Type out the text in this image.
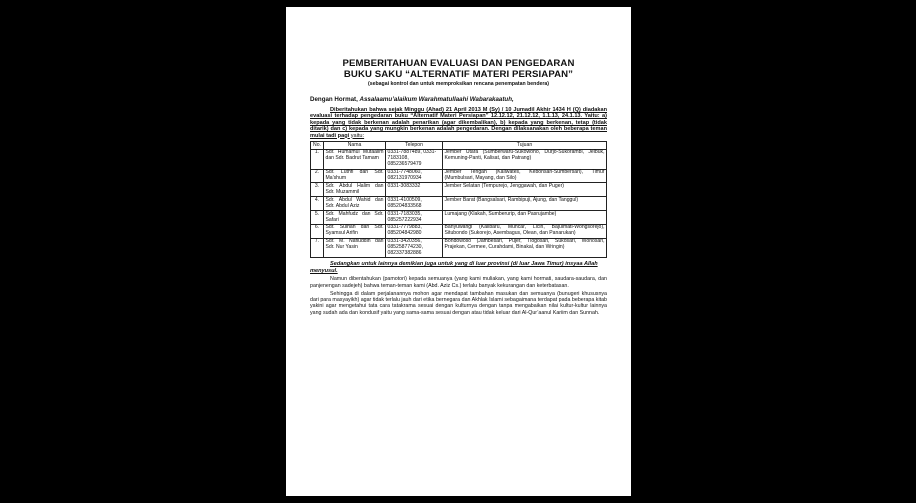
PEMBERITAHUAN EVALUASI DAN PENGEDARAN
BUKU SAKU “ALTERNATIF MATERI PERSIAPAN”
(sebagai kontrol dan untuk memproksikan rencana penempatan bendera)
Dengan Hormat, Assalaamu’alaikum Warahmatullaahi Wabarakaatuh,
Diberitahukan bahwa sejak Minggu (Ahad) 21 April 2013 M (Sy) / 10 Jumadil Akhir 1434 H (Q) diadakan evaluasi terhadap pengedaran buku “Alternatif Materi Persiapan” 12.12.12, 21.12.12, 1.1.13, 24.1.13. Yaitu: a) kepada yang tidak berkenan adalah penarikan (agar dikembalikan), b) kepada yang berkenan, tetap (tidak ditarik) dan c) kepada yang mungkin berkenan adalah pengedaran. Dengan dilaksanakan oleh beberapa teman mulai tadi pagi yaitu:
No.	Nama	Telepon	Tujuan
1.	Sdr. Humamul Mutaalim dan Sdr. Badrut Tamam	0331-7887489, 0331-7183108, 085236579479	Jember Utara (Sumberwaru-Sukowono, Durjo-Sukorambi, Jelbuk, Kemuning-Panti, Kalisat, dan Patrang)
2.	Sdr. Luthfi dan Sdr. Ma’shum	0331-7748060, 082131970934	Jember Tengah (Kaliwates, Kebonsari-Sumbersari), Timur (Mumbulsari, Mayang, dan Silo)
3.	Sdr. Abdul Halim dan Sdr. Muzammil	0331-3083332	Jember Selatan (Tempurejo, Jenggawah, dan Puger)
4.	Sdr. Abdul Wahid dan Sdr. Abdul Aziz	0331-4100509, 085204833568	Jember Barat (Bangsalsari, Rambipuji, Ajung, dan Tanggul)
5.	Sdr. Mahfudz dan Sdr. Safari	0331-7183035, 085257222934	Lumajang (Klakah, Sumberurip, dan Pasrujambe)
6.	Sdr. Sulhan dan Sdr. Syamsul Arifin	0331-7779883, 085204842980	Banyuwangi (Kalibaru, Muncar, Licin, Bajulmati-Wongsorejo), Situbondo (Sukorejo, Asembagus, Olean, dan Panarukan)
7.	Sdr. M. Nafiuddin dan Sdr. Nur Yasin	0331-3420356, 085258774230, 082337382886	Bondowoso (Jambesari, Pujer, Tlogosari, Sukosari, Wonosari, Prajekan, Cermee, Curahdami, Binakal, dan Wringin)
Sedangkan untuk lainnya demikian juga untuk yang di luar provinsi (di luar Jawa Timur) insyaa Allah menyusul.
Namun dibentahukan (pamotori) kepada semuanya (yang kami muliakan, yang kami hormati, saudara-saudara, dan panjenengan sadejeh) bahwa teman-teman kami (Abd. Aziz Cs.) terlalu banyak kekurangan dan keterbatasan.
Sehingga di dalam perjalanannya mohon agar mendapat tambahan masukan dan semuanya (bunugeri khususnya dari para masyayikh) agar tidak terlalu jauh dari etika bernegara dan Akhlak Islami sebagaimana terdapat pada beberapa kitab yakini agar mengetahui tata cara tatakrama sesuai dengan kulturnya dengan tanpa mengabaikan nilai kultur-kultur lainnya yang sudah ada dan kondusif yaitu yang sama-sama sesuai dengan atau tidak keluar dari Al-Qur’aanul Kariim dan Sunnah.
